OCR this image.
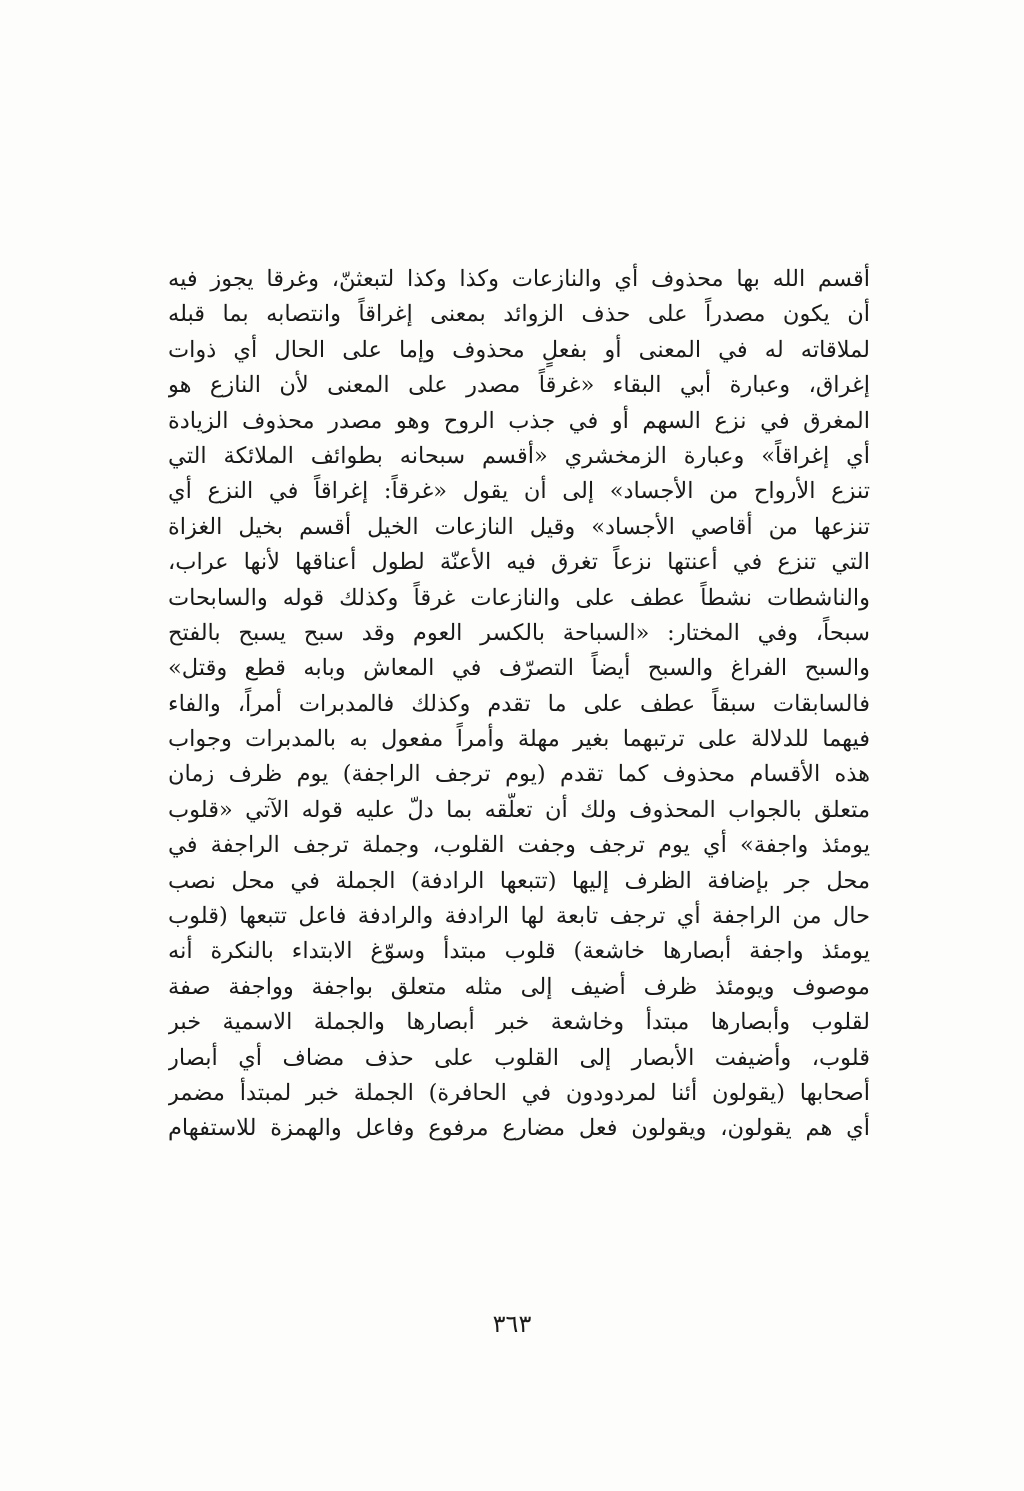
أقسم الله بها محذوف أي والنازعات وكذا وكذا لتبعثنّ، وغرقا يجوز فيه
أن يكون مصدراً على حذف الزوائد بمعنى إغراقاً وانتصابه بما قبله
لملاقاته له في المعنى أو بفعلٍ محذوف وإما على الحال أي ذوات
إغراق، وعبارة أبي البقاء «غرقاً مصدر على المعنى لأن النازع هو
المغرق في نزع السهم أو في جذب الروح وهو مصدر محذوف الزيادة
أي إغراقاً» وعبارة الزمخشري «أقسم سبحانه بطوائف الملائكة التي
تنزع الأرواح من الأجساد» إلى أن يقول «غرقاً: إغراقاً في النزع أي
تنزعها من أقاصي الأجساد» وقيل النازعات الخيل أقسم بخيل الغزاة
التي تنزع في أعنتها نزعاً تغرق فيه الأعنّة لطول أعناقها لأنها عراب،
والناشطات نشطاً عطف على والنازعات غرقاً وكذلك قوله والسابحات
سبحاً، وفي المختار: «السباحة بالكسر العوم وقد سبح يسبح بالفتح
والسبح الفراغ والسبح أيضاً التصرّف في المعاش وبابه قطع وقتل»
فالسابقات سبقاً عطف على ما تقدم وكذلك فالمدبرات أمراً، والفاء
فيهما للدلالة على ترتبهما بغير مهلة وأمراً مفعول به بالمدبرات وجواب
هذه الأقسام محذوف كما تقدم (يوم ترجف الراجفة) يوم ظرف زمان
متعلق بالجواب المحذوف ولك أن تعلّقه بما دلّ عليه قوله الآتي «قلوب
يومئذ واجفة» أي يوم ترجف وجفت القلوب، وجملة ترجف الراجفة في
محل جر بإضافة الظرف إليها (تتبعها الرادفة) الجملة في محل نصب
حال من الراجفة أي ترجف تابعة لها الرادفة والرادفة فاعل تتبعها (قلوب
يومئذ واجفة أبصارها خاشعة) قلوب مبتدأ وسوّغ الابتداء بالنكرة أنه
موصوف ويومئذ ظرف أضيف إلى مثله متعلق بواجفة وواجفة صفة
لقلوب وأبصارها مبتدأ وخاشعة خبر أبصارها والجملة الاسمية خبر
قلوب، وأضيفت الأبصار إلى القلوب على حذف مضاف أي أبصار
أصحابها (يقولون أئنا لمردودون في الحافرة) الجملة خبر لمبتدأ مضمر
أي هم يقولون، ويقولون فعل مضارع مرفوع وفاعل والهمزة للاستفهام
٣٦٣
